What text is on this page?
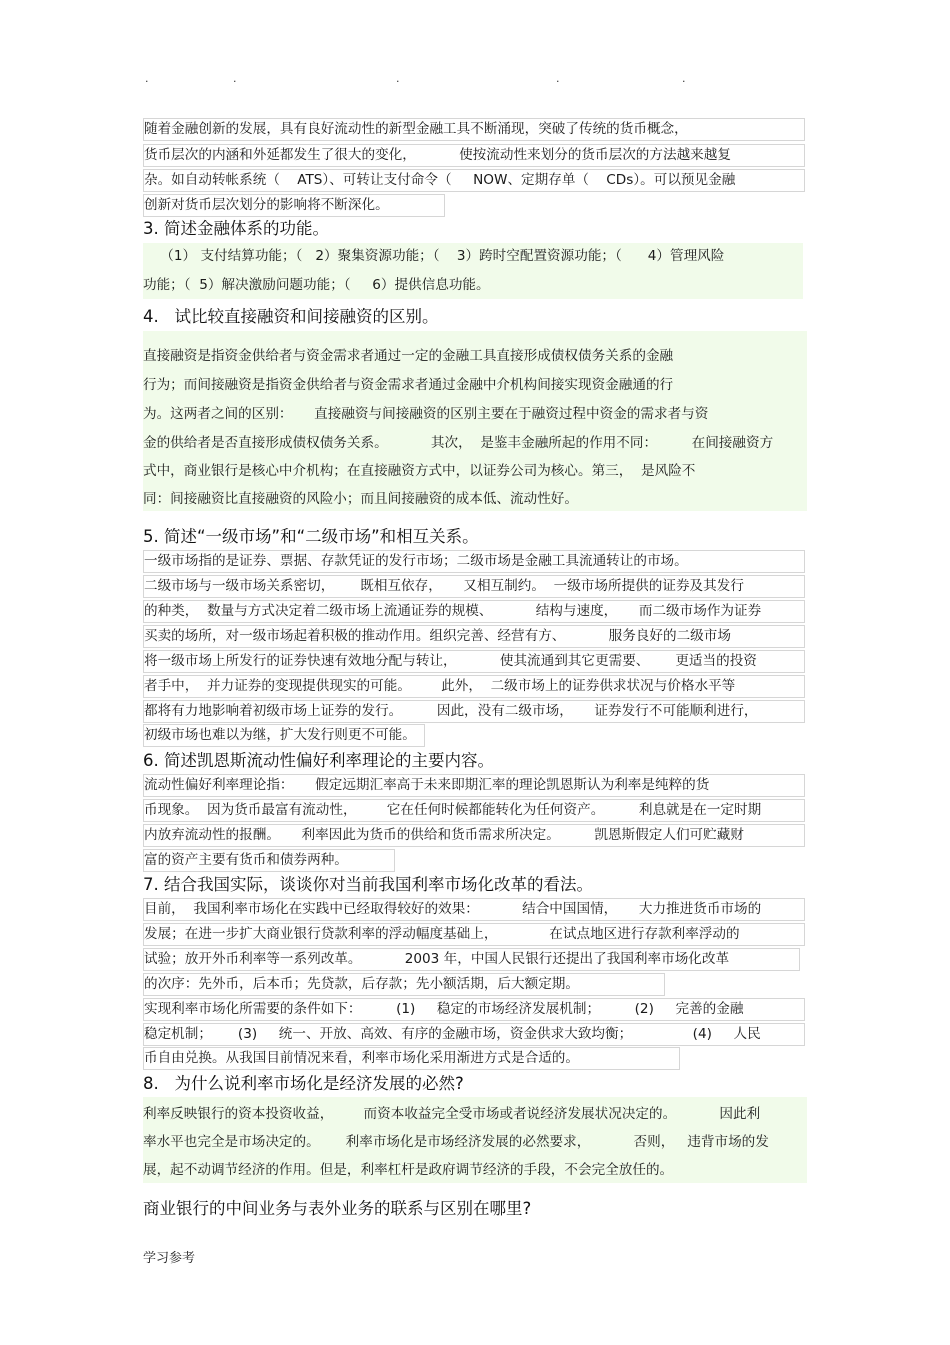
.	.	.	.	.
随着金融创新的发展，具有良好流动性的新型金融工具不断涌现，突破了传统的货币概念，
货币层次的内涵和外延都发生了很大的变化，          使按流动性来划分的货币层次的方法越来越复
杂。如自动转帐系统（    ATS）、可转让支付命令（     NOW、定期存单（    CDs）。可以预见金融
创新对货币层次划分的影响将不断深化。
3. 简述金融体系的功能。
（1） 支付结算功能；（   2）聚集资源功能；（    3）跨时空配置资源功能；（      4）管理风险
功能；（  5）解决激励问题功能；（     6）提供信息功能。
4.   试比较直接融资和间接融资的区别。
直接融资是指资金供给者与资金需求者通过一定的金融工具直接形成债权债务关系的金融
行为；而间接融资是指资金供给者与资金需求者通过金融中介机构间接实现资金融通的行
为。这两者之间的区别：     直接融资与间接融资的区别主要在于融资过程中资金的需求者与资
金的供给者是否直接形成债权债务关系。          其次，  是鉴丰金融所起的作用不同：        在间接融资方
式中，商业银行是核心中介机构；在直接融资方式中，以证券公司为核心。第三，  是风险不
同：间接融资比直接融资的风险小；而且间接融资的成本低、流动性好。
5. 简述“一级市场”和“二级市场”和相互关系。
一级市场指的是证券、票据、存款凭证的发行市场；二级市场是金融工具流通转让的市场。
二级市场与一级市场关系密切，      既相互依存，     又相互制约。  一级市场所提供的证券及其发行
的种类，  数量与方式决定着二级市场上流通证券的规模、          结构与速度，     而二级市场作为证券
买卖的场所，对一级市场起着积极的推动作用。组织完善、经营有方、          服务良好的二级市场
将一级市场上所发行的证券快速有效地分配与转让，          使其流通到其它更需要、      更适当的投资
者手中，  并力证券的变现提供现实的可能。       此外，  二级市场上的证券供求状况与价格水平等
都将有力地影响着初级市场上证券的发行。        因此，没有二级市场，     证券发行不可能顺利进行，
初级市场也难以为继，扩大发行则更不可能。
6. 简述凯恩斯流动性偏好利率理论的主要内容。
流动性偏好利率理论指：     假定远期汇率高于未来即期汇率的理论凯恩斯认为利率是纯粹的货
币现象。  因为货币最富有流动性，       它在任何时候都能转化为任何资产。        利息就是在一定时期
内放弃流动性的报酬。     利率因此为货币的供给和货币需求所决定。        凯恩斯假定人们可贮藏财
富的资产主要有货币和债券两种。
7. 结合我国实际，谈谈你对当前我国利率市场化改革的看法。
目前，  我国利率市场化在实践中已经取得较好的效果：          结合中国国情，     大力推进货币市场的
发展；在进一步扩大商业银行贷款利率的浮动幅度基础上，            在试点地区进行存款利率浮动的
试验；放开外币利率等一系列改革。          2003 年，中国人民银行还提出了我国利率市场化改革
的次序：先外币，后本币；先贷款，后存款；先小额活期，后大额定期。
实现利率市场化所需要的条件如下：        (1)     稳定的市场经济发展机制；        (2)     完善的金融
稳定机制；      (3)     统一、开放、高效、有序的金融市场，资金供求大致均衡；              (4)     人民
币自由兑换。从我国目前情况来看，利率市场化采用渐进方式是合适的。
8.   为什么说利率市场化是经济发展的必然?
利率反映银行的资本投资收益，       而资本收益完全受市场或者说经济发展状况决定的。          因此利
率水平也完全是市场决定的。      利率市场化是市场经济发展的必然要求，          否则，   违背市场的发
展，起不动调节经济的作用。但是，利率杠杆是政府调节经济的手段，不会完全放任的。
商业银行的中间业务与表外业务的联系与区别在哪里?
学习参考
